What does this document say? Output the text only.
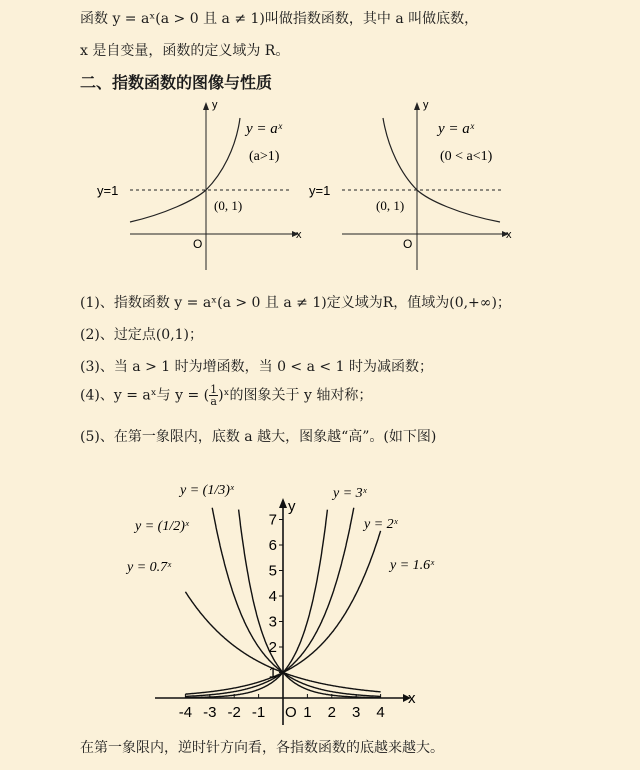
函数 y = aˣ(a > 0 且 a ≠ 1)叫做指数函数，其中 a 叫做底数，
x 是自变量，函数的定义域为 R。
二、指数函数的图像与性质
x
y
O
y=1
y = aˣ
(a>1)
(0, 1)
x
y
O
y=1
y = aˣ
(0 < a<1)
(0, 1)
(1)、指数函数 y = aˣ(a > 0 且 a ≠ 1)定义域为R，值域为(0,+∞)；
(2)、过定点(0,1)；
(3)、当 a > 1 时为增函数，当 0 < a < 1 时为减函数；
(4)、y = aˣ与 y = ( $\frac{1}{a}$ )ˣ的图象关于 y 轴对称；
(5)、在第一象限内，底数 a 越大，图象越“高”。(如下图)
x
y
O
-4 -3 -2 -1	1 2 3 4
1
2
3
4
5
6
7
y = (1/3)ˣ
y = (1/2)ˣ
y = 0.7ˣ
y = 3ˣ
y = 2ˣ
y = 1.6ˣ
在第一象限内，逆时针方向看，各指数函数的底越来越大。
